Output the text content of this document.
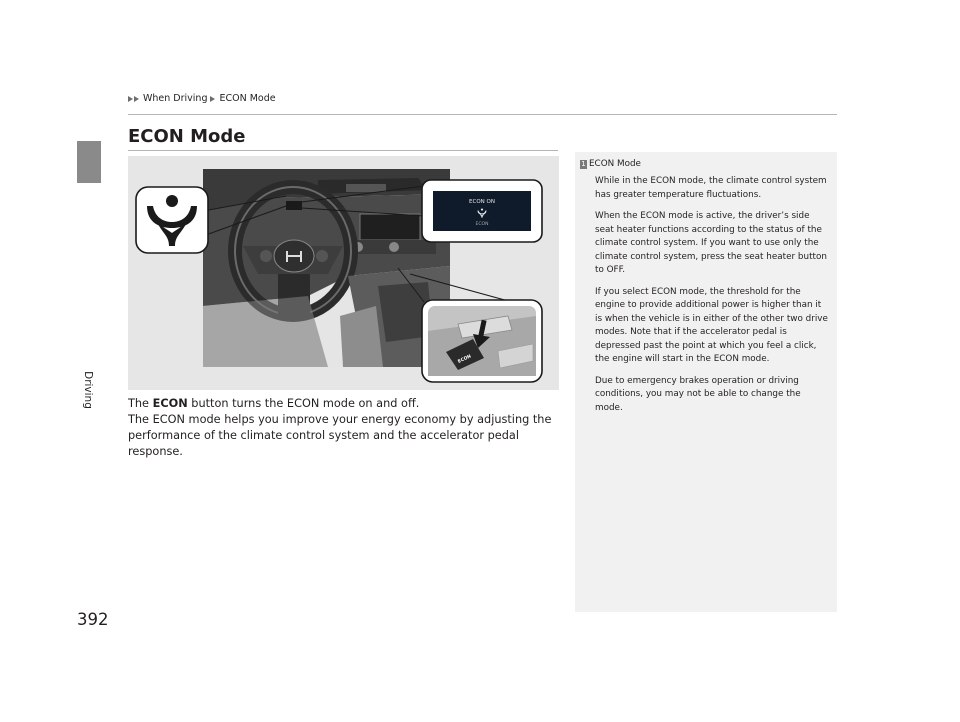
Driving
392
When Driving ECON Mode
ECON Mode
ECON ON
ECON
ECON

The ECON button turns the ECON mode on and off.

The ECON mode helps you improve your energy economy by adjusting the performance of the climate control system and the accelerator pedal response.

1 ECON Mode

While in the ECON mode, the climate control system has greater temperature fluctuations.

When the ECON mode is active, the driver’s side seat heater functions according to the status of the climate control system. If you want to use only the climate control system, press the seat heater button to OFF.

If you select ECON mode, the threshold for the engine to provide additional power is higher than it is when the vehicle is in either of the other two drive modes. Note that if the accelerator pedal is depressed past the point at which you feel a click, the engine will start in the ECON mode.

Due to emergency brakes operation or driving conditions, you may not be able to change the mode.
